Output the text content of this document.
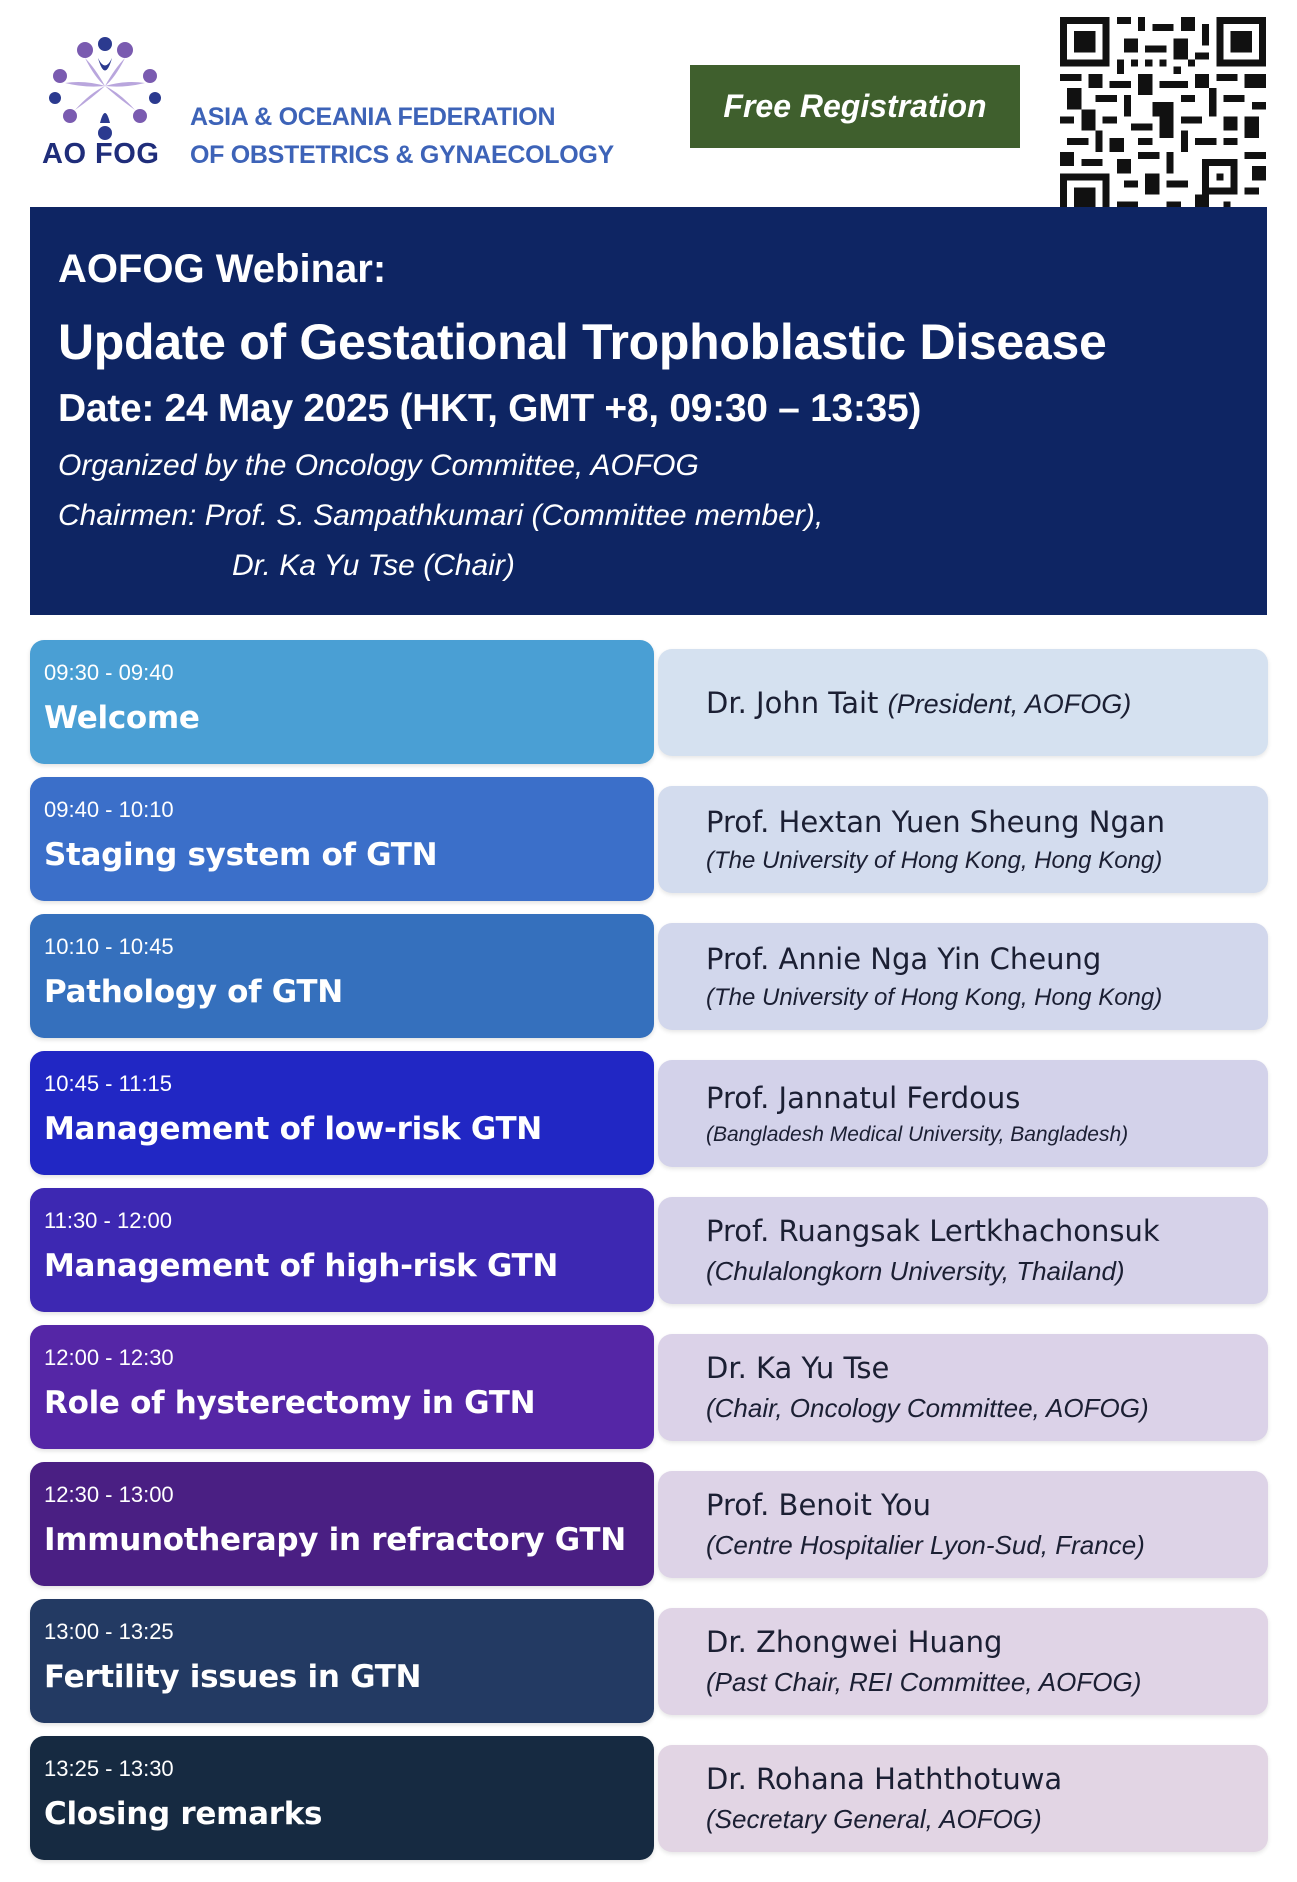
AO FOG
ASIA & OCEANIA FEDERATION
OF OBSTETRICS & GYNAECOLOGY
Free Registration
AOFOG Webinar:
Update of Gestational Trophoblastic Disease
Date: 24 May 2025 (HKT, GMT +8, 09:30 – 13:35)
Organized by the Oncology Committee, AOFOG
Chairmen: Prof. S. Sampathkumari (Committee member),
Dr. Ka Yu Tse (Chair)
09:30 - 09:40
Welcome	Dr. John Tait (President, AOFOG)
09:40 - 10:10
Staging system of GTN
Prof. Hextan Yuen Sheung Ngan
(The University of Hong Kong, Hong Kong)
10:10 - 10:45
Pathology of GTN
Prof. Annie Nga Yin Cheung
(The University of Hong Kong, Hong Kong)
10:45 - 11:15
Management of low-risk GTN
Prof. Jannatul Ferdous
(Bangladesh Medical University, Bangladesh)
11:30 - 12:00
Management of high-risk GTN
Prof. Ruangsak Lertkhachonsuk
(Chulalongkorn University, Thailand)
12:00 - 12:30
Role of hysterectomy in GTN
Dr. Ka Yu Tse
(Chair, Oncology Committee, AOFOG)
12:30 - 13:00
Immunotherapy in refractory GTN
Prof. Benoit You
(Centre Hospitalier Lyon-Sud, France)
13:00 - 13:25
Fertility issues in GTN
Dr. Zhongwei Huang
(Past Chair, REI Committee, AOFOG)
13:25 - 13:30
Closing remarks
Dr. Rohana Haththotuwa
(Secretary General, AOFOG)
